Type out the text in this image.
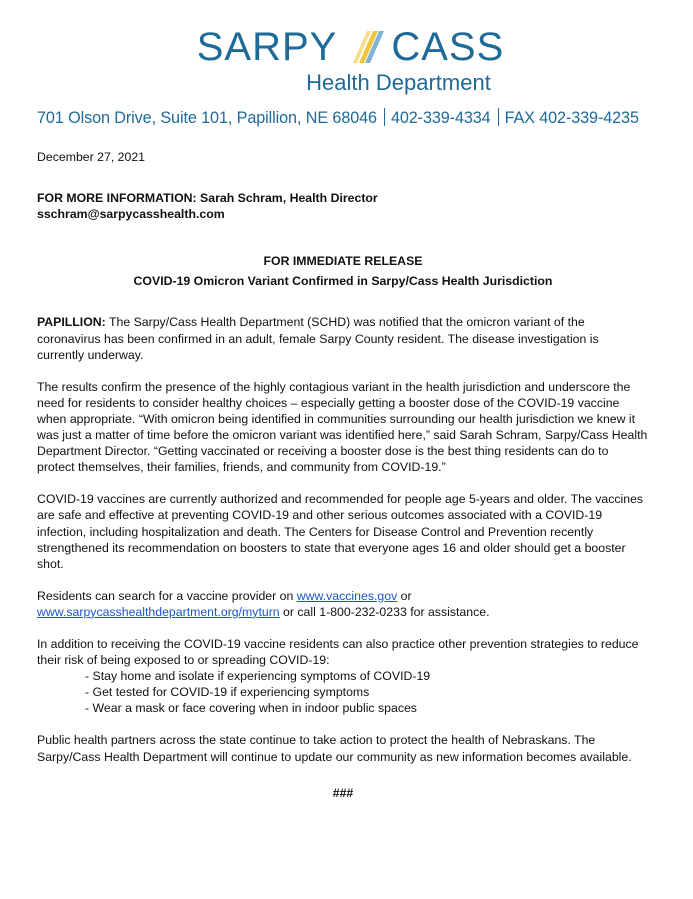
SARPY CASS
Health Department
701 Olson Drive, Suite 101, Papillion, NE 68046 402-339-4334 FAX 402-339-4235

December 27, 2021

FOR MORE INFORMATION: Sarah Schram, Health Director

sschram@sarpycasshealth.com

FOR IMMEDIATE RELEASE

COVID-19 Omicron Variant Confirmed in Sarpy/Cass Health Jurisdiction

PAPILLION: The Sarpy/Cass Health Department (SCHD) was notified that the omicron variant of the coronavirus has been confirmed in an adult, female Sarpy County resident. The disease investigation is currently underway.

The results confirm the presence of the highly contagious variant in the health jurisdiction and underscore the need for residents to consider healthy choices – especially getting a booster dose of the COVID-19 vaccine when appropriate. “With omicron being identified in communities surrounding our health jurisdiction we knew it was just a matter of time before the omicron variant was identified here,” said Sarah Schram, Sarpy/Cass Health Department Director. “Getting vaccinated or receiving a booster dose is the best thing residents can do to protect themselves, their families, friends, and community from COVID-19.”

COVID-19 vaccines are currently authorized and recommended for people age 5-years and older. The vaccines are safe and effective at preventing COVID-19 and other serious outcomes associated with a COVID-19 infection, including hospitalization and death. The Centers for Disease Control and Prevention recently strengthened its recommendation on boosters to state that everyone ages 16 and older should get a booster shot.

Residents can search for a vaccine provider on www.vaccines.gov or
www.sarpycasshealthdepartment.org/myturn or call 1-800-232-0233 for assistance.

In addition to receiving the COVID-19 vaccine residents can also practice other prevention strategies to reduce their risk of being exposed to or spreading COVID-19:

- Stay home and isolate if experiencing symptoms of COVID-19
- Get tested for COVID-19 if experiencing symptoms
- Wear a mask or face covering when in indoor public spaces

Public health partners across the state continue to take action to protect the health of Nebraskans. The Sarpy/Cass Health Department will continue to update our community as new information becomes available.

###
